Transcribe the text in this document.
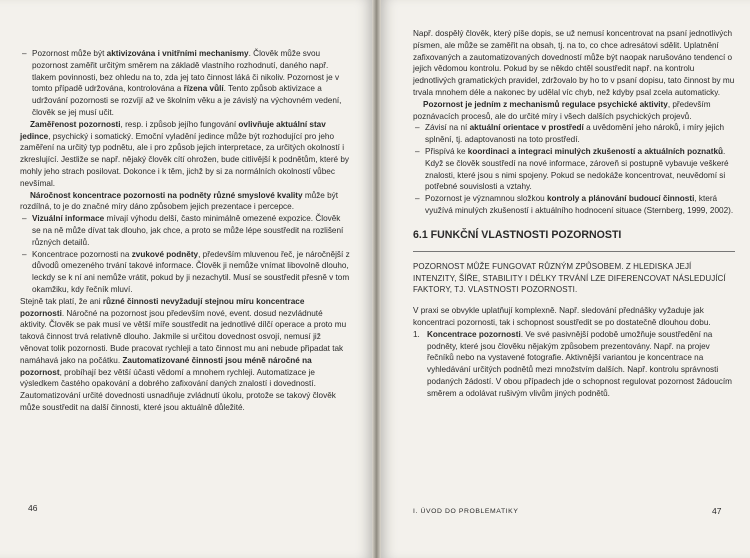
– Pozornost může být aktivizována i vnitřními mechanismy. Člověk může svou pozornost zaměřit určitým směrem na základě vlastního rozhodnutí, daného např. tlakem povinnosti, bez ohledu na to, zda jej tato činnost láká či nikoliv. Pozornost je v tomto případě udržována, kontrolována a řízena vůlí. Tento způsob aktivizace a udržování pozornosti se rozvíjí až ve školním věku a je závislý na výchovném vedení, člověk se jej musí učit.

Zaměřenost pozornosti, resp. i způsob jejího fungování ovlivňuje aktuální stav jedince, psychický i somatický. Emoční vyladění jedince může být rozhodující pro jeho zaměření na určitý typ podnětu, ale i pro způsob jejich interpretace, za určitých okolností i zkreslující. Jestliže se např. nějaký člověk cítí ohrožen, bude citlivější k podnětům, které by mohly jeho strach posilovat. Dokonce i k těm, jichž by si za normálních okolností vůbec nevšímal.

Náročnost koncentrace pozornosti na podněty různé smyslové kvality může být rozdílná, to je do značné míry dáno způsobem jejich prezentace i percepce.

– Vizuální informace mívají výhodu delší, často minimálně omezené expozice. Člověk se na ně může dívat tak dlouho, jak chce, a proto se může lépe soustředit na rozlišení různých detailů.

– Koncentrace pozornosti na zvukové podněty, především mluvenou řeč, je náročnější z důvodů omezeného trvání takové informace. Člověk ji nemůže vnímat libovolně dlouho, leckdy se k ní ani nemůže vrátit, pokud by ji nezachytil. Musí se soustředit přesně v tom okamžiku, kdy řečník mluví.

Stejně tak platí, že ani různé činnosti nevyžadují stejnou míru koncentrace pozornosti. Náročné na pozornost jsou především nové, event. dosud nezvládnuté aktivity. Člověk se pak musí ve větší míře soustředit na jednotlivé dílčí operace a proto mu taková činnost trvá relativně dlouho. Jakmile si určitou dovednost osvojí, nemusí již věnovat tolik pozornosti. Bude pracovat rychleji a tato činnost mu ani nebude připadat tak namáhavá jako na počátku. Zautomatizované činnosti jsou méně náročné na pozornost, probíhají bez větší účasti vědomí a mnohem rychleji. Automatizace je výsledkem častého opakování a dobrého zafixování daných znalostí i dovedností. Zautomatizování určité dovednosti usnadňuje zvládnutí úkolu, protože se takový člověk může soustředit na další činnosti, které jsou aktuálně důležité.

46

Např. dospělý člověk, který píše dopis, se už nemusí koncentrovat na psaní jednotlivých písmen, ale může se zaměřit na obsah, tj. na to, co chce adresátovi sdělit. Uplatnění zafixovaných a zautomatizovaných dovedností může být naopak narušováno tendencí o jejich vědomou kontrolu. Pokud by se někdo chtěl soustředit např. na kontrolu jednotlivých gramatických pravidel, zdržovalo by ho to v psaní dopisu, tato činnost by mu trvala mnohem déle a nakonec by udělal víc chyb, než kdyby psal zcela automaticky.

Pozornost je jedním z mechanismů regulace psychické aktivity, především poznávacích procesů, ale do určité míry i všech dalších psychických projevů.

– Závisí na ní aktuální orientace v prostředí a uvědomění jeho nároků, i míry jejich splnění, tj. adaptovanosti na toto prostředí.

– Přispívá ke koordinaci a integraci minulých zkušeností a aktuálních poznatků. Když se člověk soustředí na nové informace, zároveň si postupně vybavuje veškeré znalosti, které jsou s nimi spojeny. Pokud se nedokáže koncentrovat, neuvědomí si potřebné souvislosti a vztahy.

– Pozornost je významnou složkou kontroly a plánování budoucí činnosti, která využívá minulých zkušeností i aktuálního hodnocení situace (Sternberg, 1999, 2002).

6.1 FUNKČNÍ VLASTNOSTI POZORNOSTI

POZORNOST MŮŽE FUNGOVAT RŮZNÝM ZPŮSOBEM. Z HLEDISKA JEJÍ INTENZITY, ŠÍŘE, STABILITY I DÉLKY TRVÁNÍ LZE DIFERENCOVAT NÁSLEDUJÍCÍ FAKTORY, TJ. VLASTNOSTI POZORNOSTI.

V praxi se obvykle uplatňují komplexně. Např. sledování přednášky vyžaduje jak koncentraci pozornosti, tak i schopnost soustředit se po dostatečně dlouhou dobu.

1. Koncentrace pozornosti. Ve své pasivnější podobě umožňuje soustředění na podněty, které jsou člověku nějakým způsobem prezentovány. Např. na projev řečníků nebo na vystavené fotografie. Aktivnější variantou je koncentrace na vyhledávání určitých podnětů mezi množstvím dalších. Např. kontrolu správnosti podaných žádostí. V obou případech jde o schopnost regulovat pozornost žádoucím směrem a odolávat rušivým vlivům jiných podnětů.

I. ÚVOD DO PROBLEMATIKY	47
